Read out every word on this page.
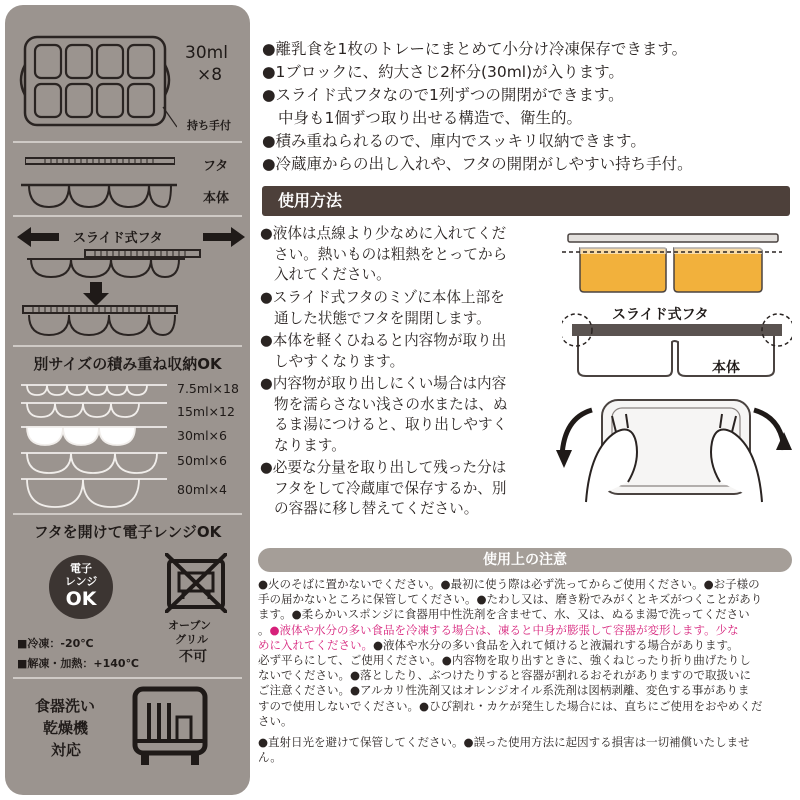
30ml
×8
持ち手付
フタ
本体
スライド式フタ
別サイズの積み重ね収納OK
7.5ml×18
15ml×12
30ml×6
50ml×6
80ml×4
フタを開けて電子レンジOK
電子
レンジ
OK
オーブン
グリル
不可
■冷凍：-20℃
■解凍・加熱：+140℃
食器洗い
乾燥機
対応
●離乳食を1枚のトレーにまとめて小分け冷凍保存できます。
●1ブロックに、約大さじ2杯分(30ml)が入ります。
●スライド式フタなので1列ずつの開閉ができます。
中身も1個ずつ取り出せる構造で、衛生的。
●積み重ねられるので、庫内でスッキリ収納できます。
●冷蔵庫からの出し入れや、フタの開閉がしやすい持ち手付。
使用方法
●液体は点線より少なめに入れてくだ
さい。熱いものは粗熱をとってから
入れてください。
●スライド式フタのミゾに本体上部を
通した状態でフタを開閉します。
●本体を軽くひねると内容物が取り出
しやすくなります。
●内容物が取り出しにくい場合は内容
物を濡らさない浅さの水または、ぬ
るま湯につけると、取り出しやすく
なります。
●必要な分量を取り出して残った分は
フタをして冷蔵庫で保存するか、別
の容器に移し替えてください。
スライド式フタ
本体
使用上の注意
●火のそばに置かないでください。●最初に使う際は必ず洗ってからご使用ください。●お子様の
手の届かないところに保管してください。●たわし又は、磨き粉でみがくとキズがつくことがあり
ます。●柔らかいスポンジに食器用中性洗剤を含ませて、水、又は、ぬるま湯で洗ってください
。●液体や水分の多い食品を冷凍する場合は、凍ると中身が膨張して容器が変形します。少な
めに入れてください。●液体や水分の多い食品を入れて傾けると液漏れする場合があります。
必ず平らにして、ご使用ください。●内容物を取り出すときに、強くねじったり折り曲げたりし
ないでください。●落としたり、ぶつけたりすると容器が割れるおそれがありますので取扱いに
ご注意ください。●アルカリ性洗剤又はオレンジオイル系洗剤は図柄剥離、変色する事がありま
すので使用しないでください。●ひび割れ・カケが発生した場合には、直ちにご使用をおやめくだ
さい。
●直射日光を避けて保管してください。●誤った使用方法に起因する損害は一切補償いたしませ
ん。
